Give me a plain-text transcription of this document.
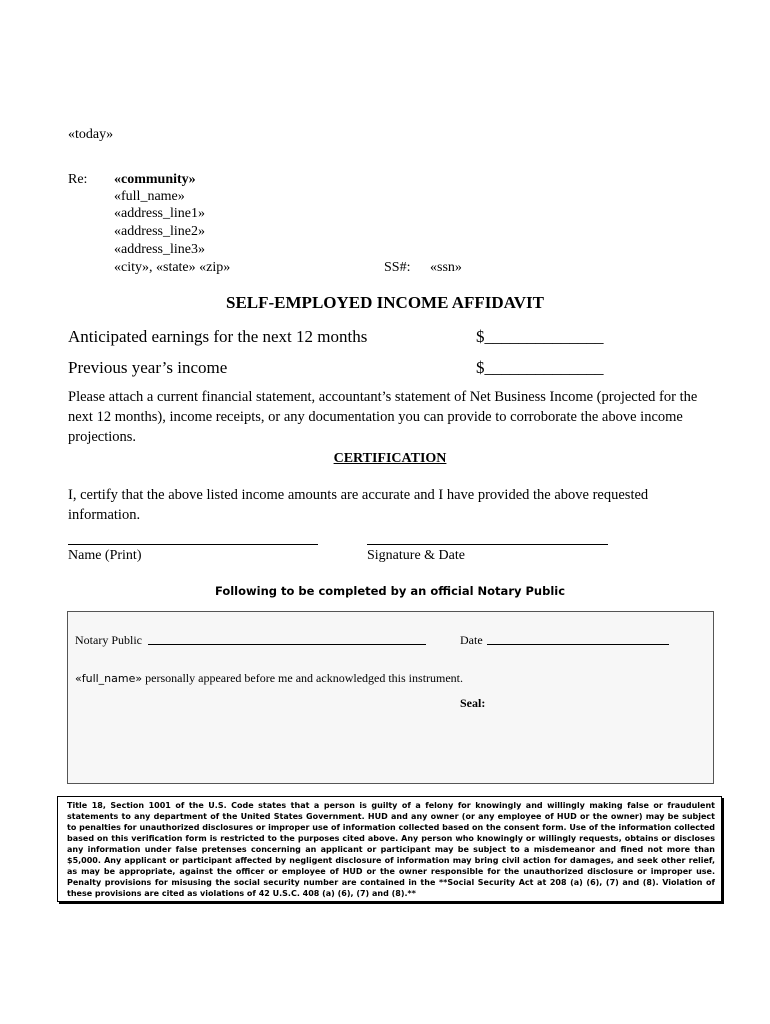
«today»
Re: «community»
«full_name»
«address_line1»
«address_line2»
«address_line3»
«city», «state» «zip»	SS#: «ssn»
SELF-EMPLOYED INCOME AFFIDAVIT
Anticipated earnings for the next 12 months	$______________
Previous year’s income	$______________
Please attach a current financial statement, accountant’s statement of Net Business Income (projected for the next 12 months), income receipts, or any documentation you can provide to corroborate the above income projections.
CERTIFICATION
I, certify that the above listed income amounts are accurate and I have provided the above requested information.
Name (Print)	Signature & Date
Following to be completed by an official Notary Public
Notary Public	Date
«full_name» personally appeared before me and acknowledged this instrument.
Seal:
Title 18, Section 1001 of the U.S. Code states that a person is guilty of a felony for knowingly and willingly making false or fraudulent statements to any department of the United States Government. HUD and any owner (or any employee of HUD or the owner) may be subject to penalties for unauthorized disclosures or improper use of information collected based on the consent form. Use of the information collected based on this verification form is restricted to the purposes cited above. Any person who knowingly or willingly requests, obtains or discloses any information under false pretenses concerning an applicant or participant may be subject to a misdemeanor and fined not more than $5,000. Any applicant or participant affected by negligent disclosure of information may bring civil action for damages, and seek other relief, as may be appropriate, against the officer or employee of HUD or the owner responsible for the unauthorized disclosure or improper use. Penalty provisions for misusing the social security number are contained in the **Social Security Act at 208 (a) (6), (7) and (8). Violation of these provisions are cited as violations of 42 U.S.C. 408 (a) (6), (7) and (8).**
